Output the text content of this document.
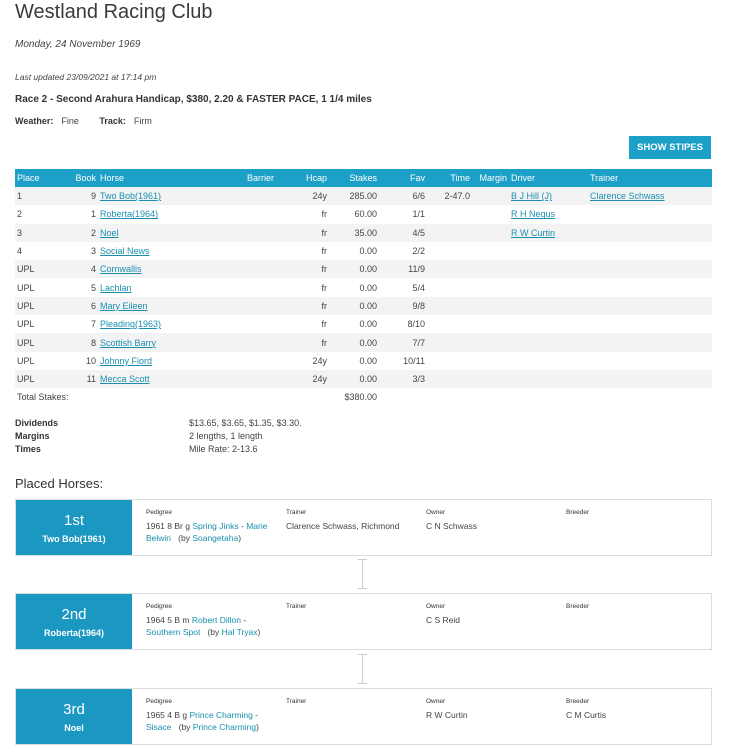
Westland Racing Club
Monday, 24 November 1969
Last updated 23/09/2021 at 17:14 pm
Race 2 - Second Arahura Handicap, $380, 2.20 & FASTER PACE, 1 1/4 miles
Weather: Fine Track: Firm
SHOW STIPES
Place	Book	Horse	Barrier	Hcap	Stakes	Fav	Time	Margin	Driver	Trainer
1	9	Two Bob(1961)		24y	285.00	6/6	2-47.0		B J Hill (J)	Clarence Schwass
2	1	Roberta(1964)		fr	60.00	1/1			R H Negus	
3	2	Noel		fr	35.00	4/5			R W Curtin	
4	3	Social News		fr	0.00	2/2				
UPL	4	Cornwallis		fr	0.00	11/9				
UPL	5	Lachlan		fr	0.00	5/4				
UPL	6	Mary Eileen		fr	0.00	9/8				
UPL	7	Pleading(1963)		fr	0.00	8/10				
UPL	8	Scottish Barry		fr	0.00	7/7				
UPL	10	Johnny Fiord		24y	0.00	10/11				
UPL	11	Mecca Scott		24y	0.00	3/3				
Total Stakes:					$380.00					
Dividends	$13.65, $3.65, $1.35, $3.30.
Margins	2 lengths, 1 length
Times	Mile Rate: 2-13.6
Placed Horses:
1st
Two Bob(1961)
Pedigree
1961 8 Br g Spring Jinks - Marie Belwin (by Soangetaha)
Trainer
Clarence Schwass, Richmond
Owner
C N Schwass
Breeder
2nd
Roberta(1964)
Pedigree
1964 5 B m Robert Dillon - Southern Spot (by Hal Tryax)
Trainer	Owner
C S Reid
Breeder
3rd
Noel
Pedigree
1965 4 B g Prince Charming - Sisace (by Prince Charming)
Trainer	Owner
R W Curtin
Breeder
C M Curtis
